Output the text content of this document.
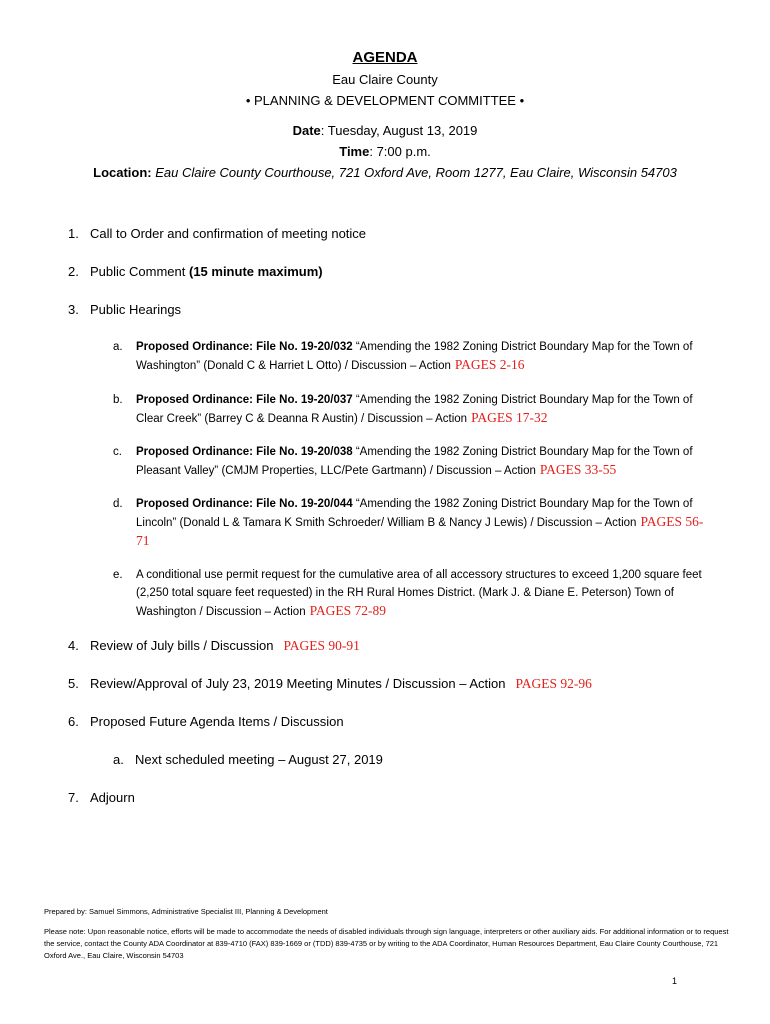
AGENDA
Eau Claire County
• PLANNING & DEVELOPMENT COMMITTEE •
Date: Tuesday, August 13, 2019
Time: 7:00 p.m.
Location: Eau Claire County Courthouse, 721 Oxford Ave, Room 1277, Eau Claire, Wisconsin 54703
1. Call to Order and confirmation of meeting notice
2. Public Comment (15 minute maximum)
3. Public Hearings
a. Proposed Ordinance: File No. 19-20/032 “Amending the 1982 Zoning District Boundary Map for the Town of Washington” (Donald C & Harriet L Otto) / Discussion – Action PAGES 2-16
b. Proposed Ordinance: File No. 19-20/037 “Amending the 1982 Zoning District Boundary Map for the Town of Clear Creek” (Barrey C & Deanna R Austin) / Discussion – Action PAGES 17-32
c. Proposed Ordinance: File No. 19-20/038 “Amending the 1982 Zoning District Boundary Map for the Town of Pleasant Valley” (CMJM Properties, LLC/Pete Gartmann) / Discussion – Action PAGES 33-55
d. Proposed Ordinance: File No. 19-20/044 “Amending the 1982 Zoning District Boundary Map for the Town of Lincoln” (Donald L & Tamara K Smith Schroeder/ William B & Nancy J Lewis) / Discussion – Action PAGES 56-71
e. A conditional use permit request for the cumulative area of all accessory structures to exceed 1,200 square feet (2,250 total square feet requested) in the RH Rural Homes District. (Mark J. & Diane E. Peterson) Town of Washington / Discussion – Action PAGES 72-89
4. Review of July bills / Discussion PAGES 90-91
5. Review/Approval of July 23, 2019 Meeting Minutes / Discussion – Action PAGES 92-96
6. Proposed Future Agenda Items / Discussion
a. Next scheduled meeting – August 27, 2019
7. Adjourn
Prepared by: Samuel Simmons, Administrative Specialist III, Planning & Development
Please note: Upon reasonable notice, efforts will be made to accommodate the needs of disabled individuals through sign language, interpreters or other auxiliary aids. For additional information or to request the service, contact the County ADA Coordinator at 839-4710 (FAX) 839-1669 or (TDD) 839-4735 or by writing to the ADA Coordinator, Human Resources Department, Eau Claire County Courthouse, 721 Oxford Ave., Eau Claire, Wisconsin 54703
1
